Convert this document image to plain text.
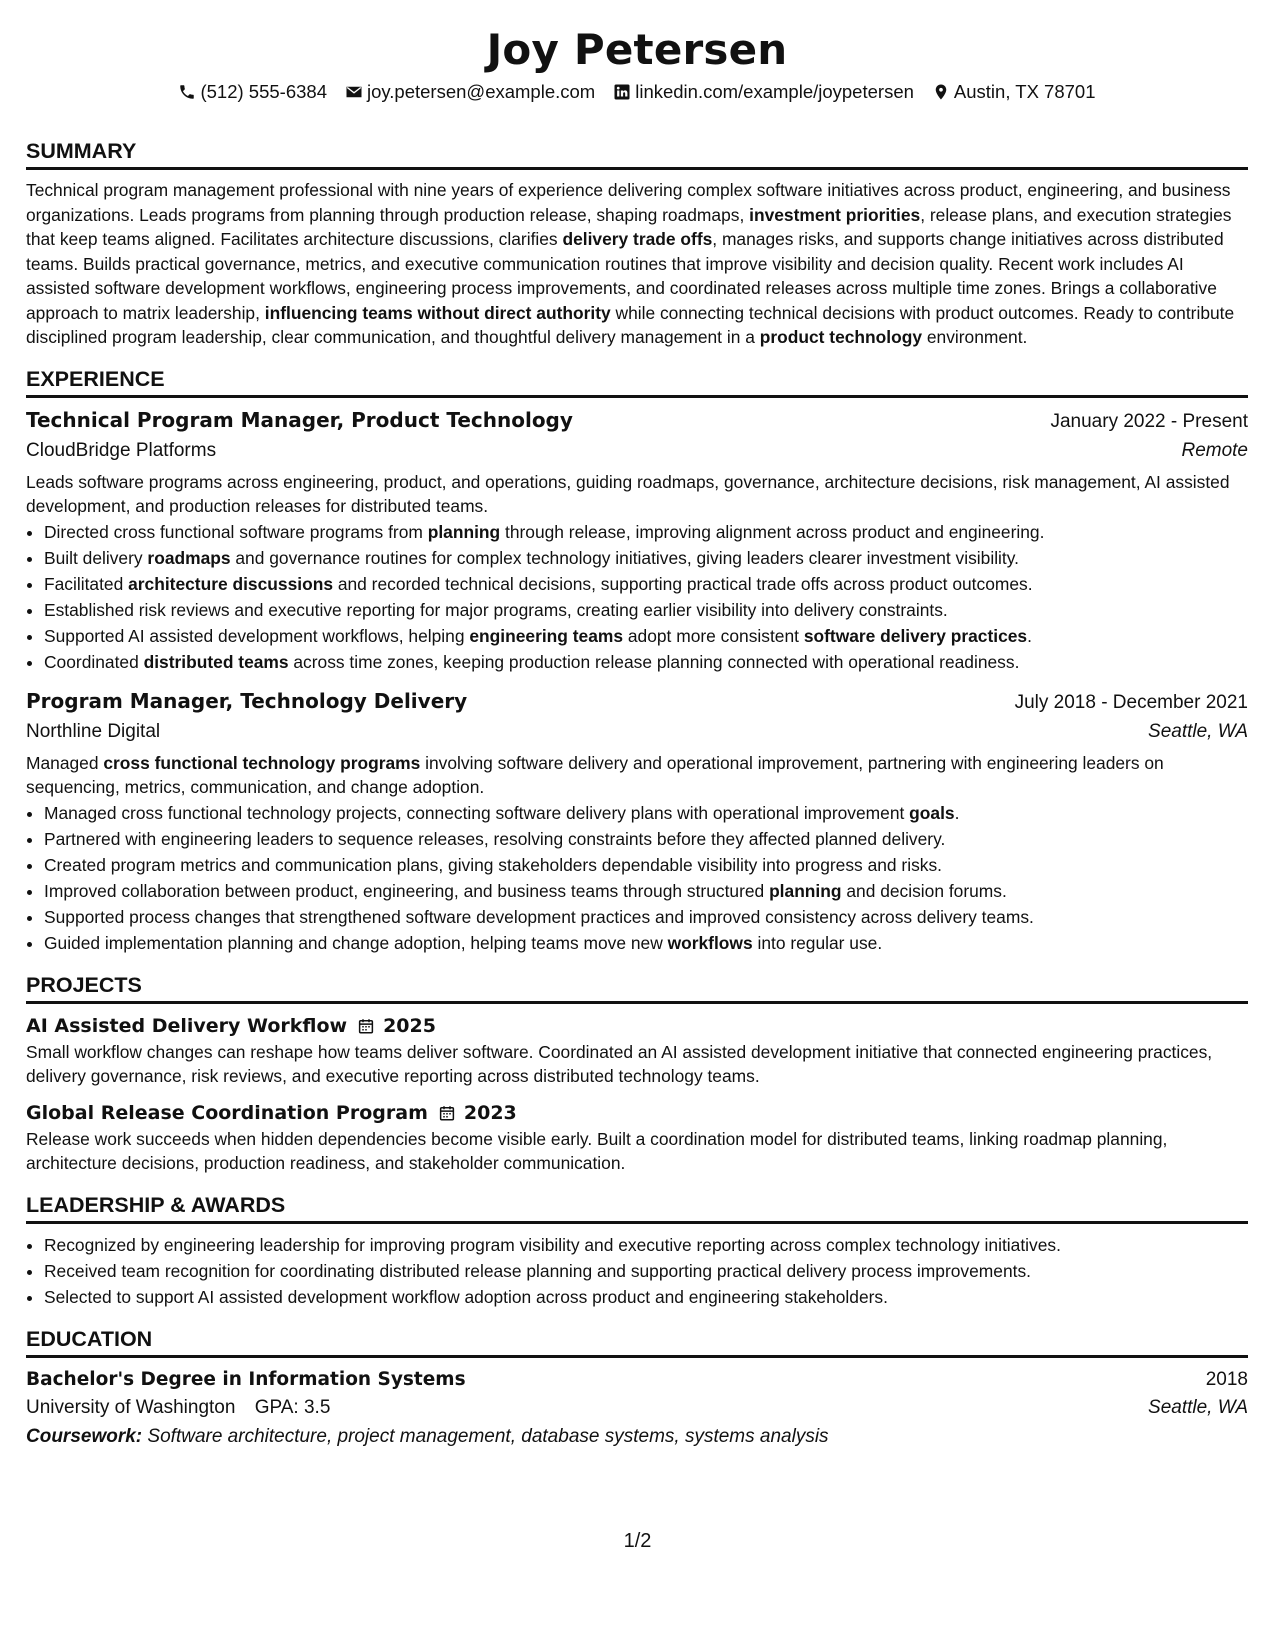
Joy Petersen
(512) 555-6384 joy.petersen@example.com linkedin.com/example/joypetersen Austin, TX 78701
SUMMARY
Technical program management professional with nine years of experience delivering complex software initiatives across product, engineering, and business organizations. Leads programs from planning through production release, shaping roadmaps, investment priorities, release plans, and execution strategies that keep teams aligned. Facilitates architecture discussions, clarifies delivery trade offs, manages risks, and supports change initiatives across distributed teams. Builds practical governance, metrics, and executive communication routines that improve visibility and decision quality. Recent work includes AI assisted software development workflows, engineering process improvements, and coordinated releases across multiple time zones. Brings a collaborative approach to matrix leadership, influencing teams without direct authority while connecting technical decisions with product outcomes. Ready to contribute disciplined program leadership, clear communication, and thoughtful delivery management in a product technology environment.
EXPERIENCE
Technical Program Manager, Product Technology	January 2022 - Present
CloudBridge Platforms	Remote
Leads software programs across engineering, product, and operations, guiding roadmaps, governance, architecture decisions, risk management, AI assisted development, and production releases for distributed teams.
• Directed cross functional software programs from planning through release, improving alignment across product and engineering.
• Built delivery roadmaps and governance routines for complex technology initiatives, giving leaders clearer investment visibility.
• Facilitated architecture discussions and recorded technical decisions, supporting practical trade offs across product outcomes.
• Established risk reviews and executive reporting for major programs, creating earlier visibility into delivery constraints.
• Supported AI assisted development workflows, helping engineering teams adopt more consistent software delivery practices.
• Coordinated distributed teams across time zones, keeping production release planning connected with operational readiness.
Program Manager, Technology Delivery	July 2018 - December 2021
Northline Digital	Seattle, WA
Managed cross functional technology programs involving software delivery and operational improvement, partnering with engineering leaders on sequencing, metrics, communication, and change adoption.
• Managed cross functional technology projects, connecting software delivery plans with operational improvement goals.
• Partnered with engineering leaders to sequence releases, resolving constraints before they affected planned delivery.
• Created program metrics and communication plans, giving stakeholders dependable visibility into progress and risks.
• Improved collaboration between product, engineering, and business teams through structured planning and decision forums.
• Supported process changes that strengthened software development practices and improved consistency across delivery teams.
• Guided implementation planning and change adoption, helping teams move new workflows into regular use.
PROJECTS
AI Assisted Delivery Workflow 2025
Small workflow changes can reshape how teams deliver software. Coordinated an AI assisted development initiative that connected engineering practices, delivery governance, risk reviews, and executive reporting across distributed technology teams.
Global Release Coordination Program 2023
Release work succeeds when hidden dependencies become visible early. Built a coordination model for distributed teams, linking roadmap planning, architecture decisions, production readiness, and stakeholder communication.
LEADERSHIP & AWARDS
• Recognized by engineering leadership for improving program visibility and executive reporting across complex technology initiatives.
• Received team recognition for coordinating distributed release planning and supporting practical delivery process improvements.
• Selected to support AI assisted development workflow adoption across product and engineering stakeholders.
EDUCATION
Bachelor's Degree in Information Systems	2018
University of Washington GPA: 3.5	Seattle, WA
Coursework: Software architecture, project management, database systems, systems analysis
1/2
